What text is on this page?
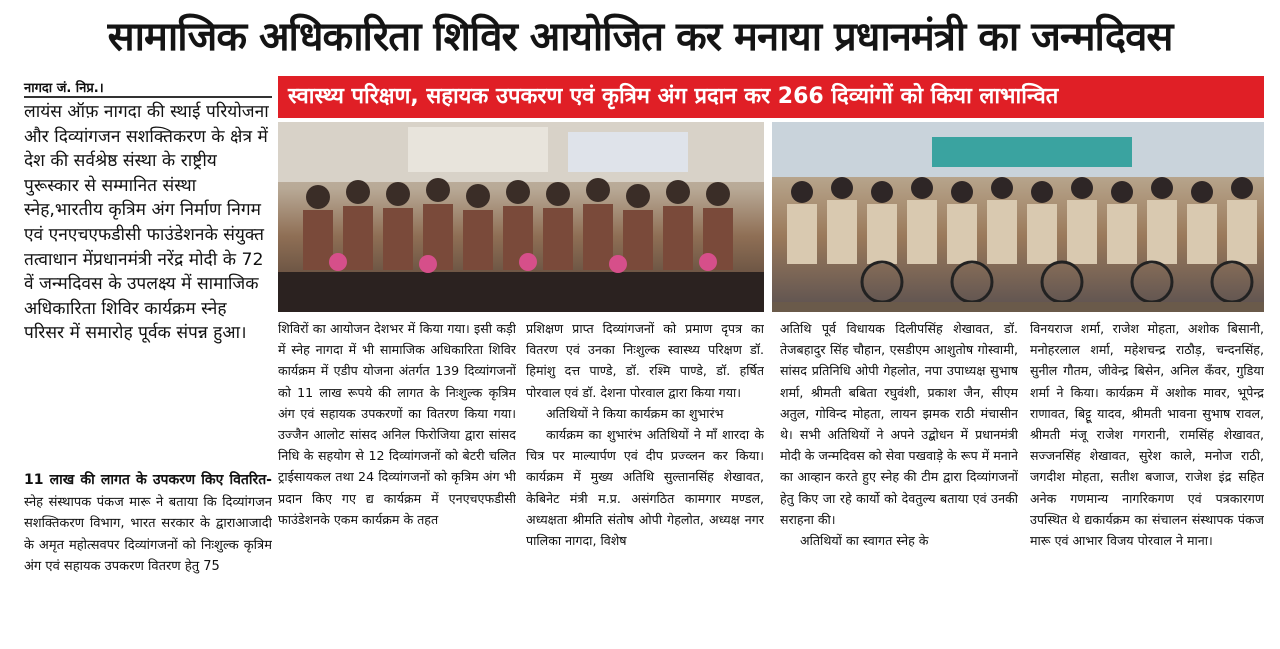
सामाजिक अधिकारिता शिविर आयोजित कर मनाया प्रधानमंत्री का जन्मदिवस
नागदा जं. निप्र.।	स्वास्थ्य परिक्षण, सहायक उपकरण एवं कृत्रिम अंग प्रदान कर 266 दिव्यांगों को किया लाभान्वित
लायंस ऑफ़ नागदा की स्थाई परियोजना और दिव्यांगजन सशक्तिकरण के क्षेत्र में देश की सर्वश्रेष्ठ संस्था के राष्ट्रीय पुरूस्कार से सम्मानित संस्था स्नेह,भारतीय कृत्रिम अंग निर्माण निगम एवं एनएचएफडीसी फाउंडेशनके संयुक्त तत्वाधान मेंप्रधानमंत्री नरेंद्र मोदी के 72 वें जन्मदिवस के उपलक्ष्य में सामाजिक अधिकारिता शिविर कार्यक्रम स्नेह परिसर में समारोह पूर्वक संपन्न हुआ।
11 लाख की लागत के उपकरण किए वितरित- स्नेह संस्थापक पंकज मारू ने बताया कि दिव्यांगजन सशक्तिकरण विभाग, भारत सरकार के द्वाराआजादी के अमृत महोत्सवपर दिव्यांगजनों को निःशुल्क कृत्रिम अंग एवं सहायक उपकरण वितरण हेतु 75

शिविरों का आयोजन देशभर में किया गया। इसी कड़ी में स्नेह नागदा में भी सामाजिक अधिकारिता शिविर कार्यक्रम में एडीप योजना अंतर्गत 139 दिव्यांगजनों को 11 लाख रूपये की लागत के निःशुल्क कृत्रिम अंग एवं सहायक उपकरणों का वितरण किया गया। उज्जैन आलोट सांसद अनिल फिरोजिया द्वारा सांसद निधि के सहयोग से 12 दिव्यांगजनों को बेटरी चलित ट्राईसायकल तथा 24 दिव्यांगजनों को कृत्रिम अंग भी प्रदान किए गए द्य कार्यक्रम में एनएचएफडीसी फाउंडेशनके एकम कार्यक्रम के तहत

प्रशिक्षण प्राप्त दिव्यांगजनों को प्रमाण दृपत्र का वितरण एवं उनका निःशुल्क स्वास्थ्य परिक्षण डॉ. हिमांशु दत्त पाण्डे, डॉ. रश्मि पाण्डे, डॉ. हर्षित पोरवाल एवं डॉ. देशना पोरवाल द्वारा किया गया।

अतिथियों ने किया कार्यक्रम का शुभारंभ

कार्यक्रम का शुभारंभ अतिथियों ने माँ शारदा के चित्र पर माल्यार्पण एवं दीप प्रज्व्लन कर किया। कार्यक्रम में मुख्य अतिथि सुल्तानसिंह शेखावत, केबिनेट मंत्री म.प्र. असंगठित कामगार मण्डल, अध्यक्षता श्रीमति संतोष ओपी गेहलोत, अध्यक्ष नगर पालिका नागदा, विशेष

अतिथि पूर्व विधायक दिलीपसिंह शेखावत, डॉ. तेजबहादुर सिंह चौहान, एसडीएम आशुतोष गोस्वामी, सांसद प्रतिनिधि ओपी गेहलोत, नपा उपाध्यक्ष सुभाष शर्मा, श्रीमती बबिता रघुवंशी, प्रकाश जैन, सीएम अतुल, गोविन्द मोहता, लायन झमक राठी मंचासीन थे। सभी अतिथियों ने अपने उद्बोधन में प्रधानमंत्री मोदी के जन्मदिवस को सेवा पखवाड़े के रूप में मनाने का आव्हान करते हुए स्नेह की टीम द्वारा दिव्यांगजनों हेतु किए जा रहे कार्यो को देवतुल्य बताया एवं उनकी सराहना की।

अतिथियों का स्वागत स्नेह के

विनयराज शर्मा, राजेश मोहता, अशोक बिसानी, मनोहरलाल शर्मा, महेशचन्द्र राठौड़, चन्दनसिंह, सुनील गौतम, जीवेन्द्र बिसेन, अनिल कँवर, गुडिया शर्मा ने किया। कार्यक्रम में अशोक मावर, भूपेन्द्र राणावत, बिट्टू यादव, श्रीमती भावना सुभाष रावल, श्रीमती मंजू राजेश गगरानी, रामसिंह शेखावत, सज्जनसिंह शेखावत, सुरेश काले, मनोज राठी, जगदीश मोहता, सतीश बजाज, राजेश इंद्र सहित अनेक गणमान्य नागरिकगण एवं पत्रकारगण उपस्थित थे द्यकार्यक्रम का संचालन संस्थापक पंकज मारू एवं आभार विजय पोरवाल ने माना।
